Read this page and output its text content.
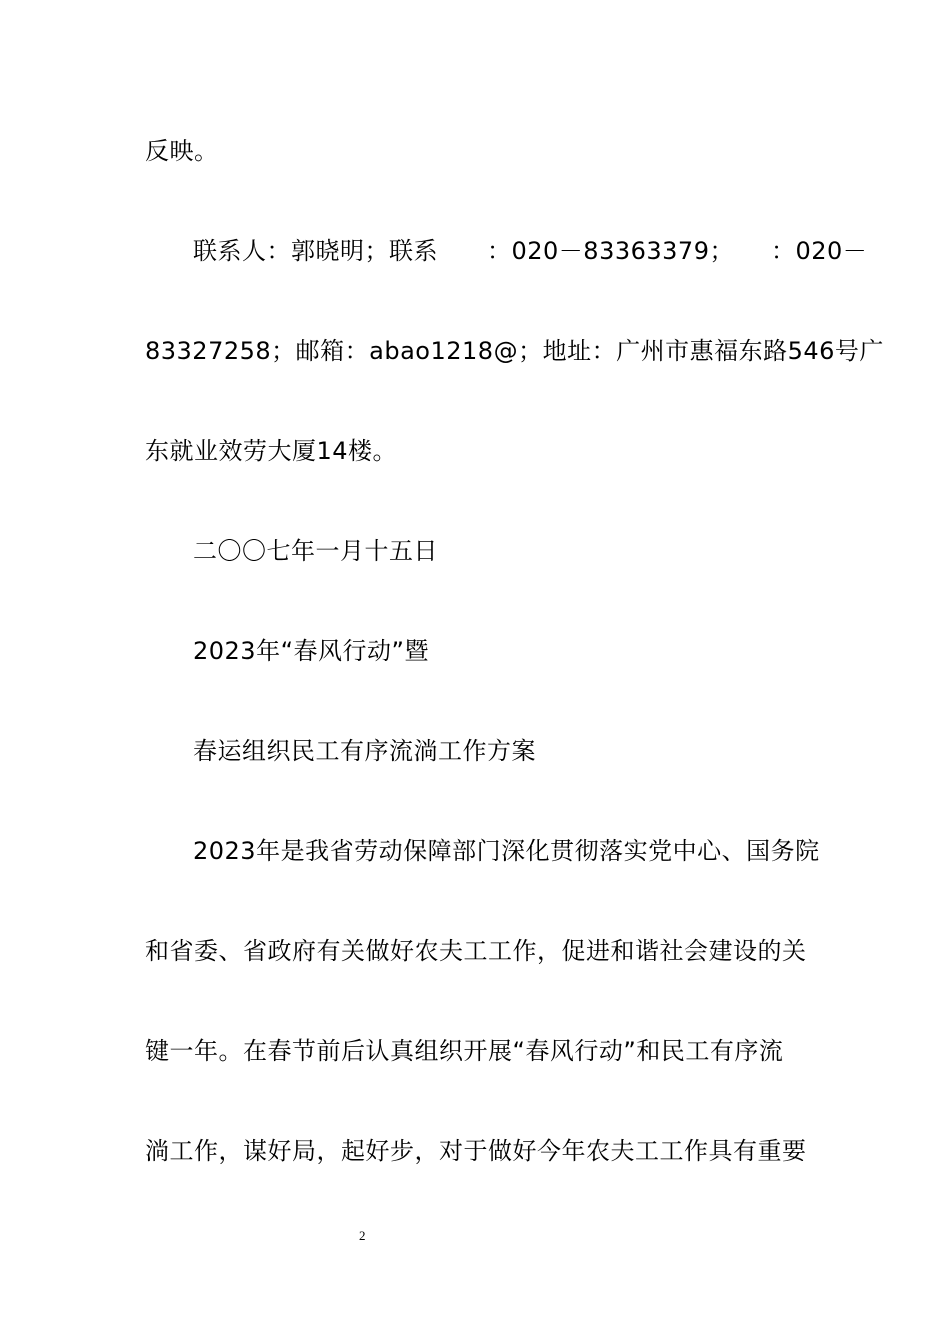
反映。
联系人：郭晓明；联系　　：020－83363379；　　：020－
83327258；邮箱：abao1218@；地址：广州市惠福东路546号广
东就业效劳大厦14楼。
二〇〇七年一月十五日
2023年“春风行动”暨
春运组织民工有序流淌工作方案
2023年是我省劳动保障部门深化贯彻落实党中心、国务院
和省委、省政府有关做好农夫工工作，促进和谐社会建设的关
键一年。在春节前后认真组织开展“春风行动”和民工有序流
淌工作，谋好局，起好步，对于做好今年农夫工工作具有重要
2
